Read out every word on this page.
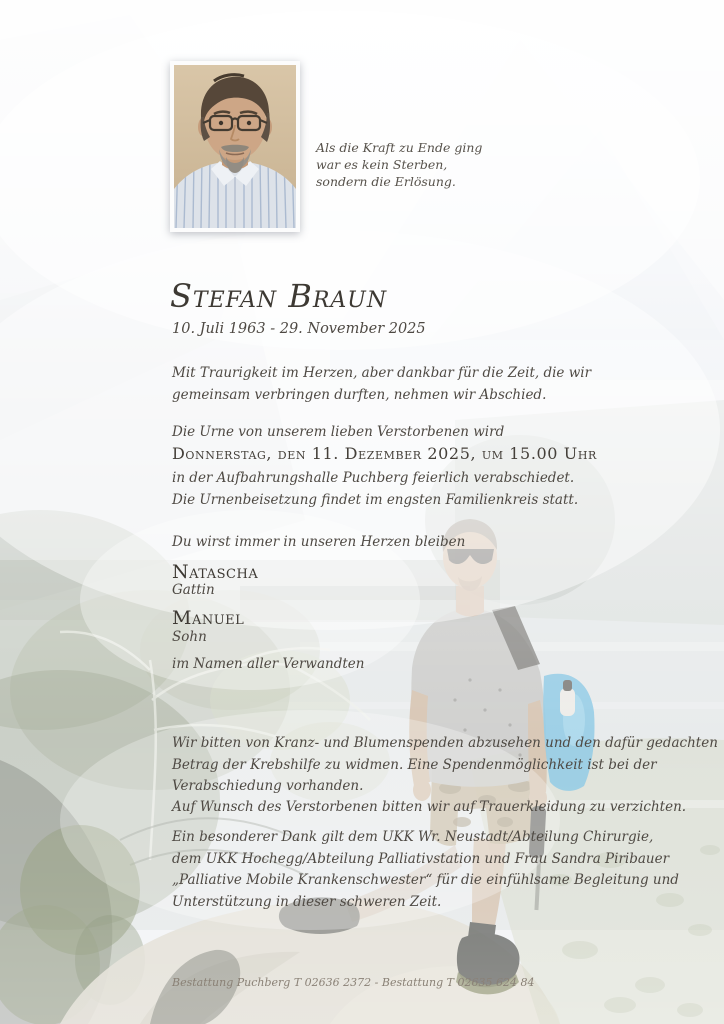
Als die Kraft zu Ende ging
war es kein Sterben,
sondern die Erlösung.
Stefan Braun
10. Juli 1963 - 29. November 2025
Mit Traurigkeit im Herzen, aber dankbar für die Zeit, die wir
gemeinsam verbringen durften, nehmen wir Abschied.
Die Urne von unserem lieben Verstorbenen wird
Donnerstag, den 11. Dezember 2025, um 15.00 Uhr
in der Aufbahrungshalle Puchberg feierlich verabschiedet.
Die Urnenbeisetzung findet im engsten Familienkreis statt.
Du wirst immer in unseren Herzen bleiben
Natascha
Gattin
Manuel
Sohn
im Namen aller Verwandten
Wir bitten von Kranz- und Blumenspenden abzusehen und den dafür gedachten
Betrag der Krebshilfe zu widmen. Eine Spendenmöglichkeit ist bei der
Verabschiedung vorhanden.
Auf Wunsch des Verstorbenen bitten wir auf Trauerkleidung zu verzichten.
Ein besonderer Dank gilt dem UKK Wr. Neustadt/Abteilung Chirurgie,
dem UKK Hochegg/Abteilung Palliativstation und Frau Sandra Piribauer
„Palliative Mobile Krankenschwester“ für die einfühlsame Begleitung und
Unterstützung in dieser schweren Zeit.
Bestattung Puchberg T 02636 2372 - Bestattung T 02635 624 84
